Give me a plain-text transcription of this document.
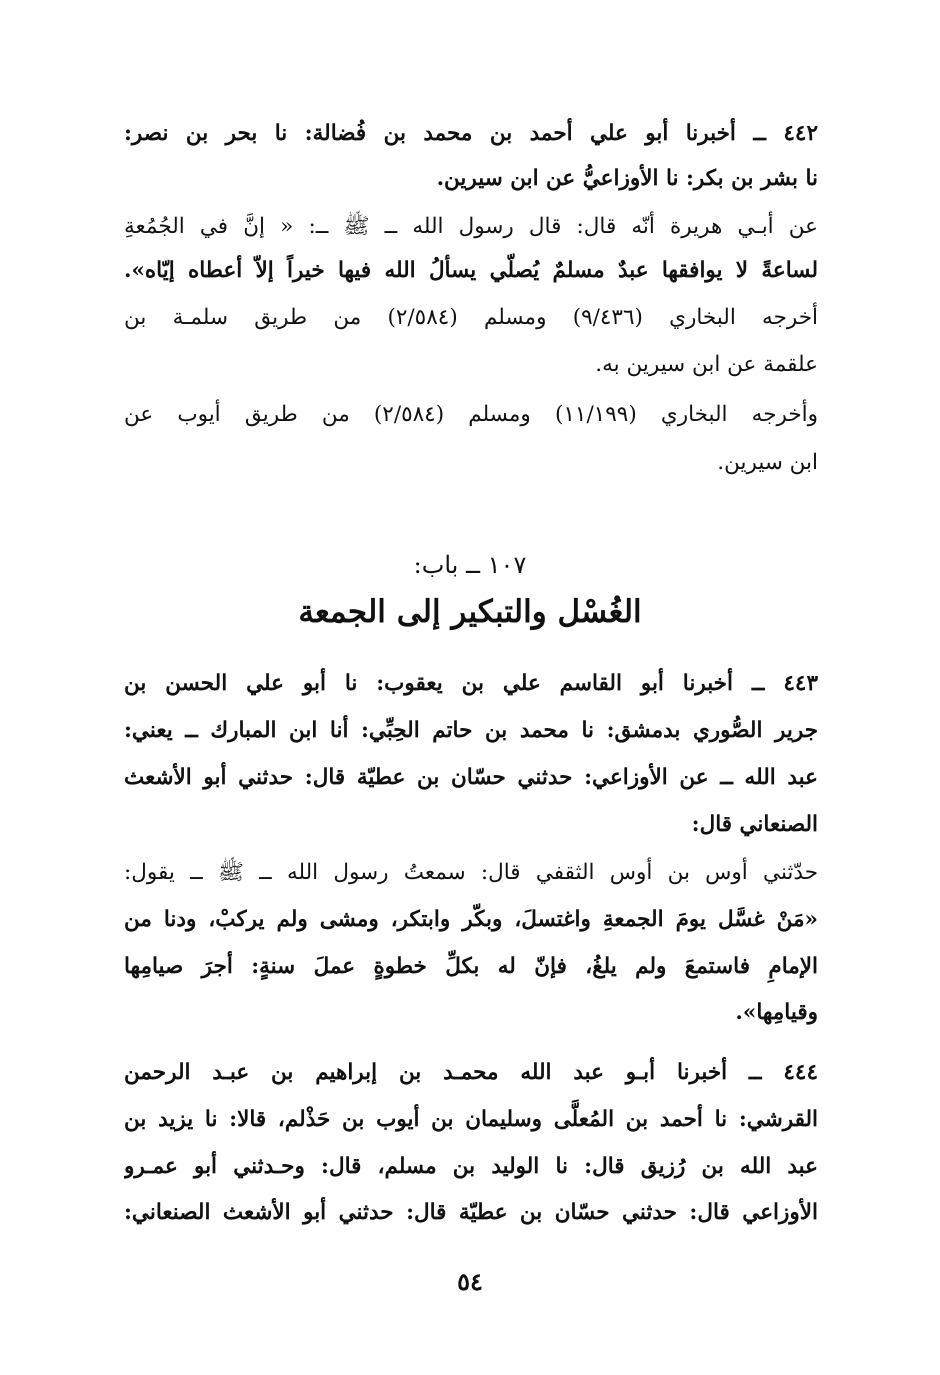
٤٤٢ ــ أخبرنا أبو علي أحمد بن محمد بن فُضالة: نا بحر بن نصر:
نا بشر بن بكر: نا الأوزاعيُّ عن ابن سيرين.
عن أبـي هريرة أنّه قال: قال رسول الله ــ ﷺ ــ: « إنَّ في الجُمُعةِ
لساعةً لا يوافقها عبدٌ مسلمٌ يُصلّي يسألُ الله فيها خيراً إلاّ أعطاه إيّاه».
أخرجه البخاري (٩/٤٣٦) ومسلم (٢/٥٨٤) من طريق سلمـة بن
علقمة عن ابن سيرين به.
وأخرجه البخاري (١١/١٩٩) ومسلم (٢/٥٨٤) من طريق أيوب عن
ابن سيرين.
١٠٧ ــ باب:
الغُسْل والتبكير إلى الجمعة
٤٤٣ ــ أخبرنا أبو القاسم علي بن يعقوب: نا أبو علي الحسن بن
جرير الصُّوري بدمشق: نا محمد بن حاتم الحِبِّي: أنا ابن المبارك ــ يعني:
عبد الله ــ عن الأوزاعي: حدثني حسّان بن عطيّة قال: حدثني أبو الأشعث
الصنعاني قال:
حدّثني أوس بن أوس الثقفي قال: سمعتُ رسول الله ــ ﷺ ــ يقول:
«مَنْ غسَّل يومَ الجمعةِ واغتسلَ، وبكّر وابتكر، ومشى ولم يركبْ، ودنا من
الإمامِ فاستمعَ ولم يلغُ، فإنّ له بكلِّ خطوةٍ عملَ سنةٍ: أجرَ صيامِها
وقيامِها».
٤٤٤ ــ أخبرنا أبـو عبد الله محمـد بن إبراهيم بن عبـد الرحمن
القرشي: نا أحمد بن المُعلَّى وسليمان بن أيوب بن حَذْلم، قالا: نا يزيد بن
عبد الله بن رُزيق قال: نا الوليد بن مسلم، قال: وحـدثني أبو عمـرو
الأوزاعي قال: حدثني حسّان بن عطيّة قال: حدثني أبو الأشعث الصنعاني:
٥٤
